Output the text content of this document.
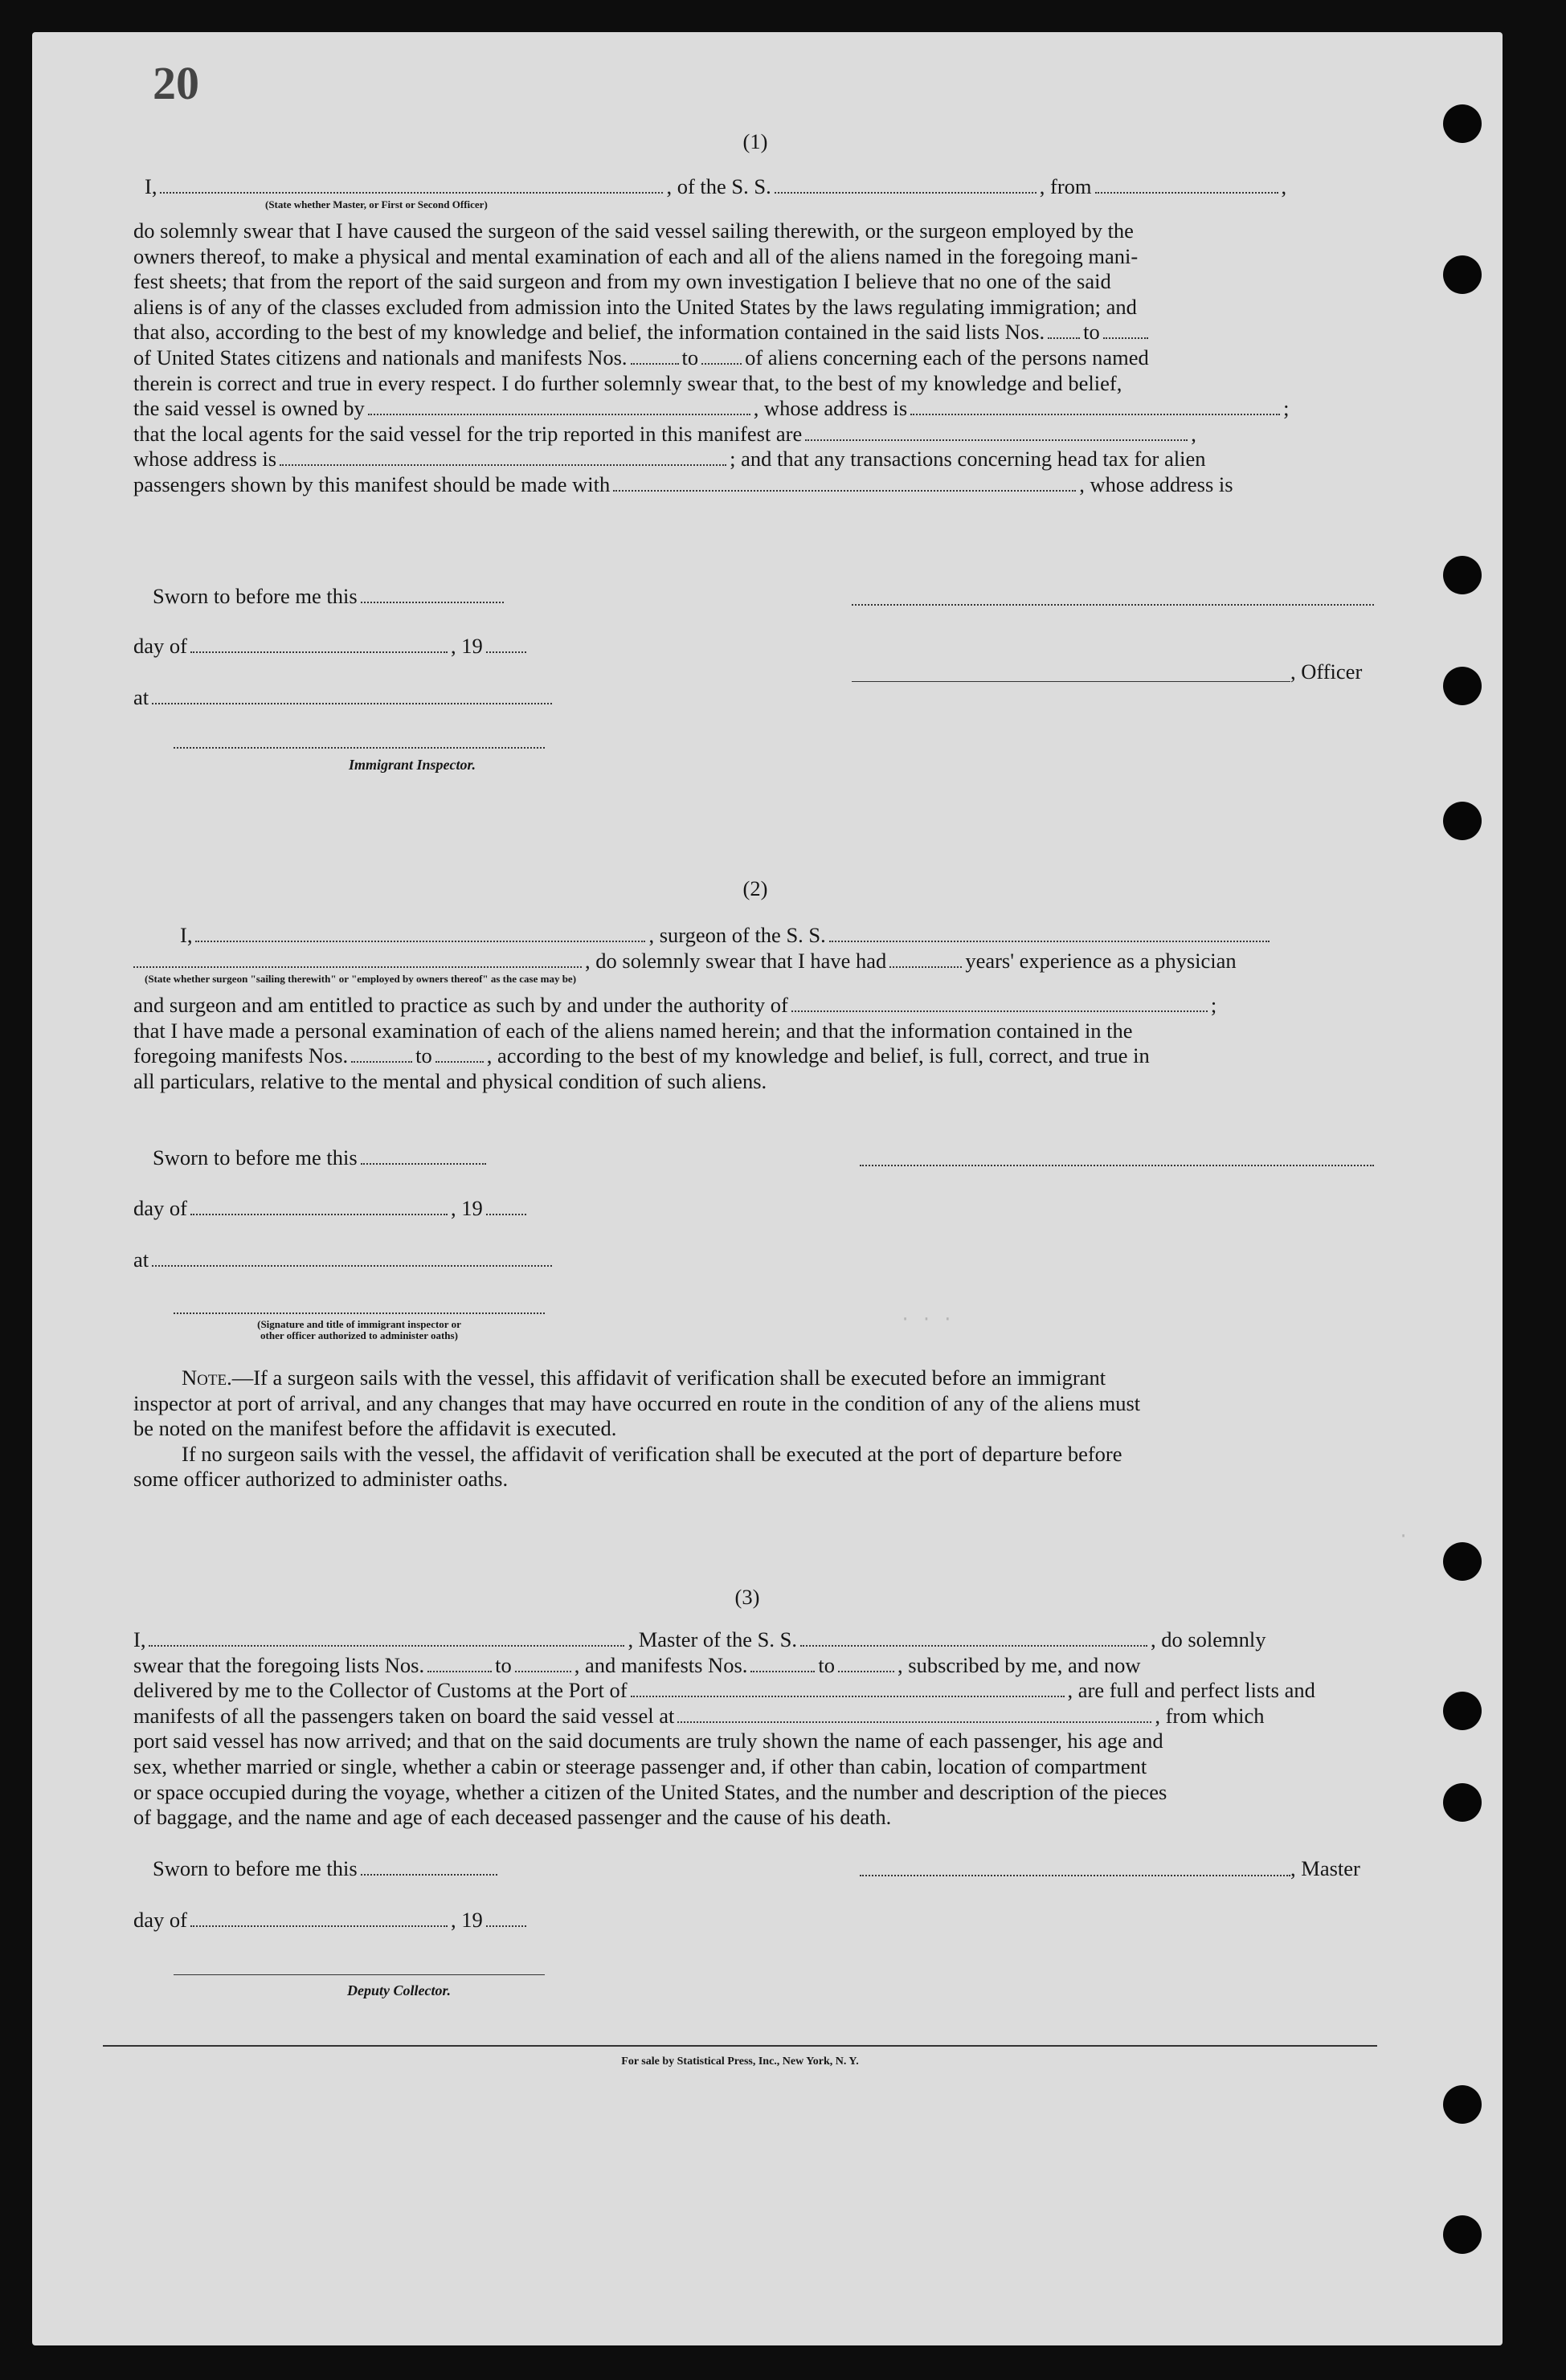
20
· · ·
·
(1)
I,	, of the S. S.	, from	,
(State whether Master, or First or Second Officer)
do solemnly swear that I have caused the surgeon of the said vessel sailing therewith, or the surgeon employed by the
owners thereof, to make a physical and mental examination of each and all of the aliens named in the foregoing mani-
fest sheets; that from the report of the said surgeon and from my own investigation I believe that no one of the said
aliens is of any of the classes excluded from admission into the United States by the laws regulating immigration; and
that also, according to the best of my knowledge and belief, the information contained in the said lists Nos. to
of United States citizens and nationals and manifests Nos.	to of aliens concerning each of the persons named
therein is correct and true in every respect. I do further solemnly swear that, to the best of my knowledge and belief,
the said vessel is owned by	, whose address is	;
that the local agents for the said vessel for the trip reported in this manifest are	,
whose address is	; and that any transactions concerning head tax for alien
passengers shown by this manifest should be made with	, whose address is
Sworn to before me this
day of	, 19
at
, Officer
Immigrant Inspector.
(2)
I,	, surgeon of the S. S.
, do solemnly swear that I have had	years' experience as a physician
(State whether surgeon "sailing therewith" or "employed by owners thereof" as the case may be)
and surgeon and am entitled to practice as such by and under the authority of	;
that I have made a personal examination of each of the aliens named herein; and that the information contained in the
foregoing manifests Nos.	to	, according to the best of my knowledge and belief, is full, correct, and true in
all particulars, relative to the mental and physical condition of such aliens.
Sworn to before me this
day of	, 19
at
(Signature and title of immigrant inspector or
other officer authorized to administer oaths)
Note.—If a surgeon sails with the vessel, this affidavit of verification shall be executed before an immigrant
inspector at port of arrival, and any changes that may have occurred en route in the condition of any of the aliens must
be noted on the manifest before the affidavit is executed.
If no surgeon sails with the vessel, the affidavit of verification shall be executed at the port of departure before
some officer authorized to administer oaths.
(3)
I,	, Master of the S. S.	, do solemnly
swear that the foregoing lists Nos.	to	, and manifests Nos.	to	, subscribed by me, and now
delivered by me to the Collector of Customs at the Port of	, are full and perfect lists and
manifests of all the passengers taken on board the said vessel at	, from which
port said vessel has now arrived; and that on the said documents are truly shown the name of each passenger, his age and
sex, whether married or single, whether a cabin or steerage passenger and, if other than cabin, location of compartment
or space occupied during the voyage, whether a citizen of the United States, and the number and description of the pieces
of baggage, and the name and age of each deceased passenger and the cause of his death.
Sworn to before me this	, Master
day of	, 19
Deputy Collector.
For sale by Statistical Press, Inc., New York, N. Y.
